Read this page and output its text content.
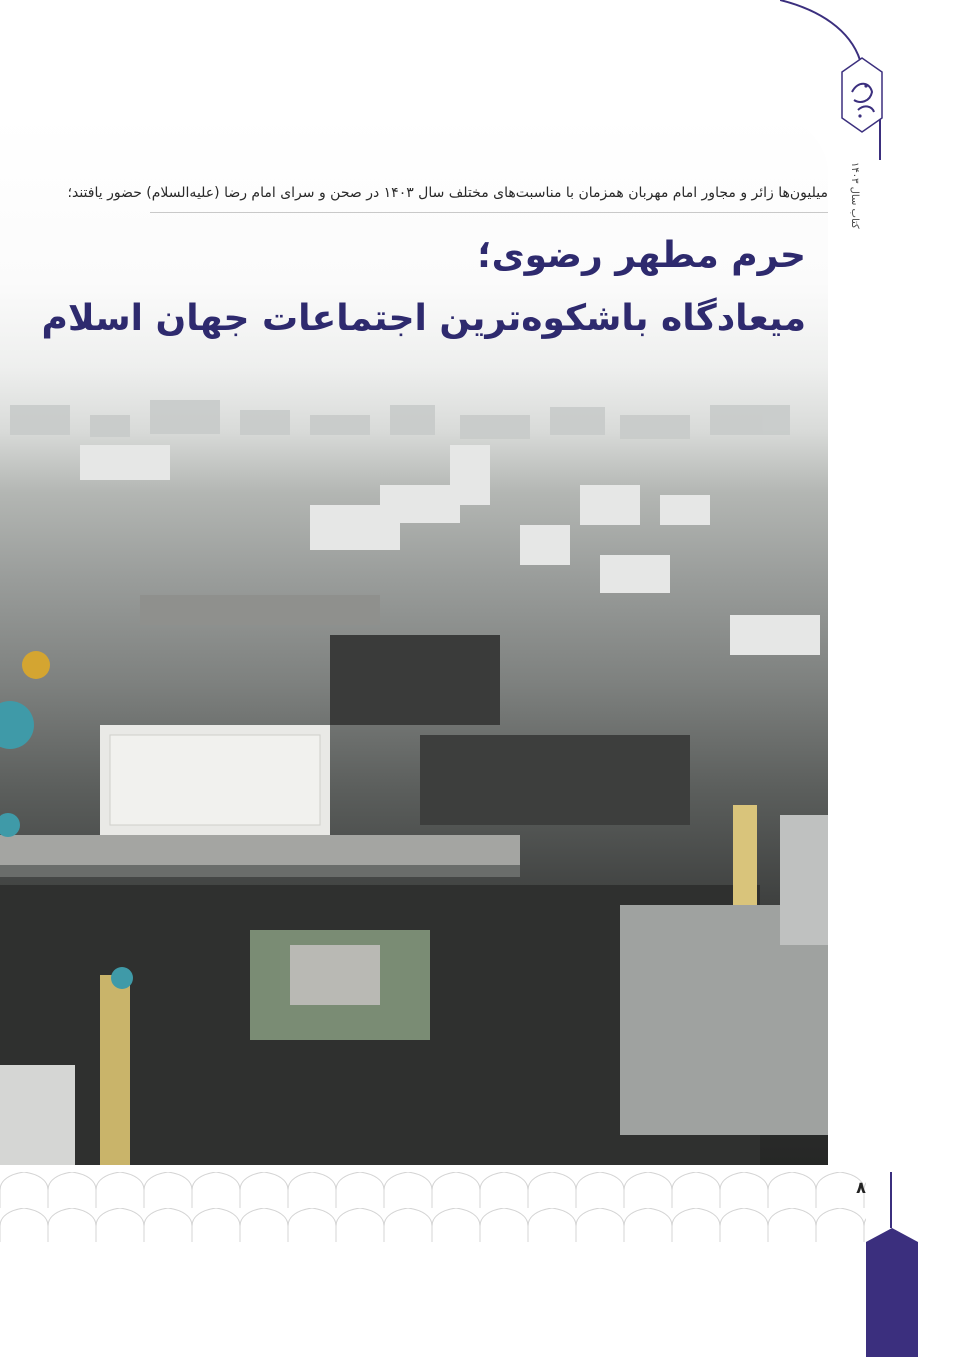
کتاب سال ۱۴۰۳
میلیون‌ها زائر و مجاور امام مهربان همزمان با مناسبت‌های مختلف سال ۱۴۰۳ در صحن و سرای امام رضا (علیه‌السلام) حضور یافتند؛
حرم مطهر رضوی؛
میعادگاه باشکوه‌ترین اجتماعات جهان اسلام
۸
